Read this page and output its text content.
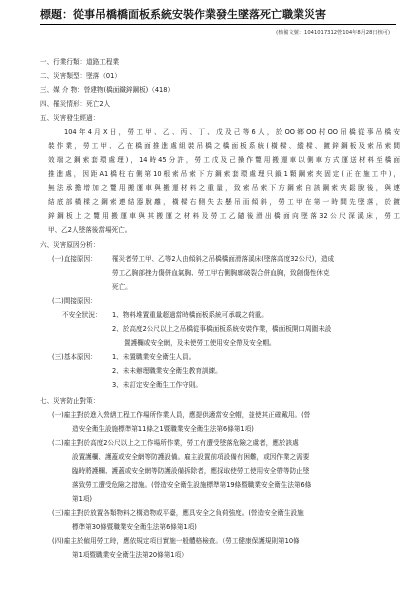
標題：從事吊橋橋面板系統安裝作業發生墜落死亡職業災害
(核備文號：1041017312營104年8月28日核可)
一、行業行類：道路工程業
二、災害類型：墜落（01）
三、媒 介 物：營建物(橋面鐵鋅鋼板)（418）
四、罹災情形：死亡2人
五、災害發生經過：
104年4月X日，勞工甲、乙、丙、丁、戊及己等6人，於OO鄉OO村OO吊橋從事吊橋安
裝作業，勞工甲、乙在橋面推進處組裝吊橋之橋面板系統(橫樑、縱樑、鍍鋅鋼板及索吊索間
效端之鋼索套環處理)，14時45分許，勞工戊及己操作覽用搬運車以側車方式運送材料至橋面
推進處，因距A1橋柱右側第10根索吊索下方鋼索套環處理只鎖1顆鋼索夾固定(正在施工中)，
無法承擔增加之覽用搬運車與搬運材料之重量，致索吊索下方鋼索自該鋼索夾鬆脫後，與連
結底部橫樑之鋼索連結器脫離，橫樑右側失去懸吊而傾斜，勞工甲在第一時間先墜落，於鍍
鋅鋼板上之覽用搬運車與其搬運之材料及勞工乙隨後滑出橋面向墜落32公尺深溪床，勞工
甲、乙2人墜落後當場死亡。
六、災害原因分析：
(一)直接原因： 罹災者勞工甲、乙等2人由傾斜之吊橋橋面滑落溪床(墜落高度32公尺)，造成
勞工乙胸部挫力傷併血氣胸、勞工甲右側胸廓破裂合併血胸，致創傷性休克
死亡。
(二)間接原因：
不安全狀況： 1、物料堆置重量超過當時橋面板系統可承載之荷重。
2、於高度2公尺以上之吊橋從事橋面板系統安裝作業，橋面板開口周圍未設
置護欄或安全網，及未使勞工使用安全帶及安全帽。
(三)基本原因： 1、未置職業安全衛生人員。
2、未未辦理職業安全衛生教育訓練。
3、未訂定安全衛生工作守則。
七、災害防止對策：
(一)雇主對於進入營繕工程工作場所作業人員，應提供適當安全帽，並使其正確戴用。(營
造安全衛生設施標準第11條之1暨職業安全衛生法第6條第1項)
(二)雇主對於高度2公尺以上之工作場所作業，勞工有遭受墜落危險之虞者，應於該處
設置護欄、護蓋或安全網等防護設備。雇主設置前項設備有困難，或因作業之需要
臨時將護欄、護蓋或安全網等防護設備拆除者，應採取使勞工使用安全帶等防止墜
落致勞工遭受危險之措施。(營造安全衛生設施標準第19條暨職業安全衛生法第6條
第1項)
(三)雇主對於放置各類物料之構造物或平臺，應具安全之負荷強度。(營造安全衛生設施
標準第30條暨職業安全衛生法第6條第1項)
(四)雇主於僱用勞工時，應依規定項目實施一般體格檢查。（勞工健康保護規則第10條
第1項暨職業安全衛生法第20條第1項）
